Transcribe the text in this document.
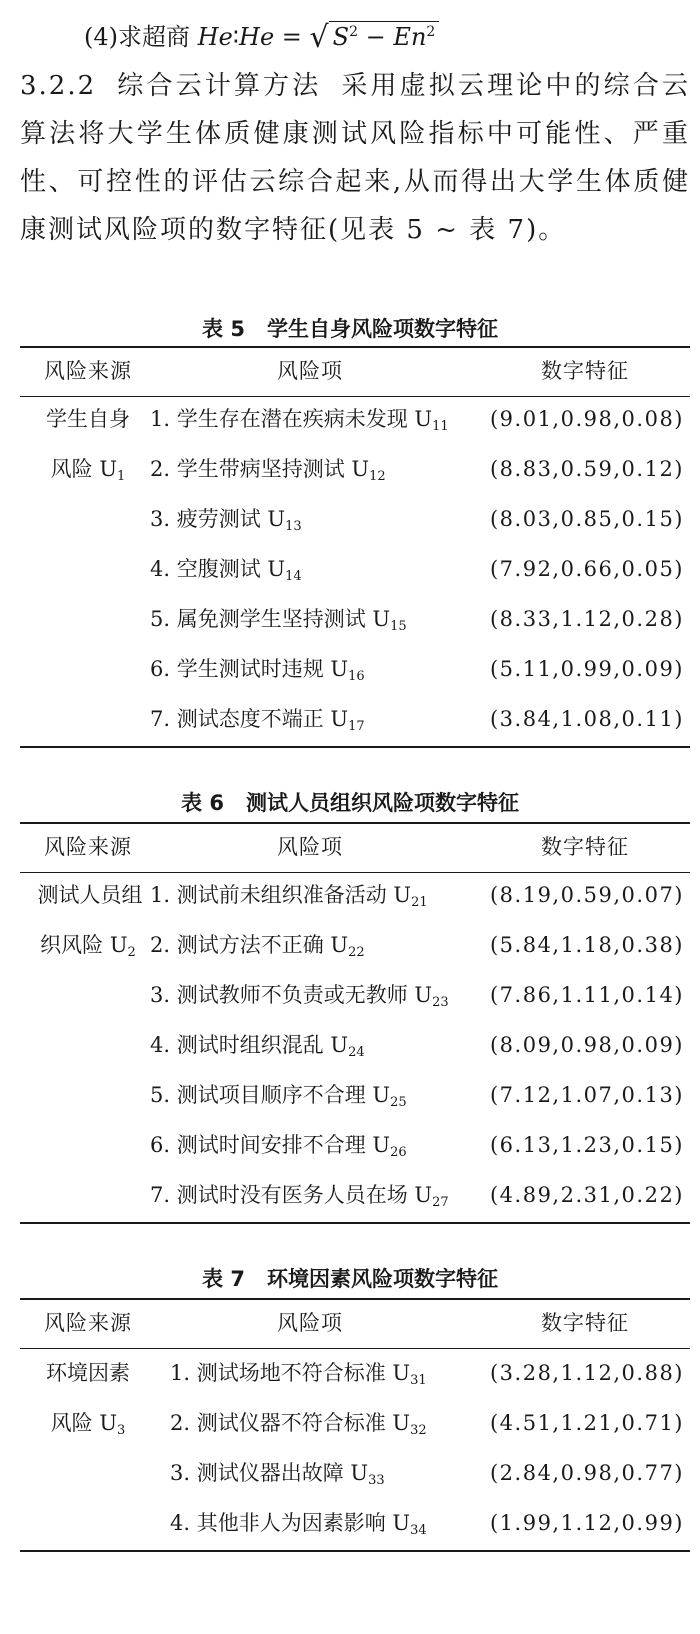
(4)求超商 He∶He = √ $S^2 - En^2$
3.2.2 综合云计算方法 采用虚拟云理论中的综合云算法将大学生体质健康测试风险指标中可能性、严重性、可控性的评估云综合起来,从而得出大学生体质健康测试风险项的数字特征(见表 5 ~ 表 7)。
表 5 学生自身风险项数字特征
风险来源	风险项	数字特征
学生自身
风险 $U_1$
1. 学生存在潜在疾病未发现 $U_{11}$ (9.01,0.98,0.08)
2. 学生带病坚持测试 $U_{12}$	(8.83,0.59,0.12)
3. 疲劳测试 $U_{13}$	(8.03,0.85,0.15)
4. 空腹测试 $U_{14}$	(7.92,0.66,0.05)
5. 属免测学生坚持测试 $U_{15}$	(8.33,1.12,0.28)
6. 学生测试时违规 $U_{16}$	(5.11,0.99,0.09)
7. 测试态度不端正 $U_{17}$	(3.84,1.08,0.11)
表 6 测试人员组织风险项数字特征
风险来源	风险项	数字特征
测试人员组
织风险 $U_2$
1. 测试前未组织准备活动 $U_{21}$	(8.19,0.59,0.07)
2. 测试方法不正确 $U_{22}$	(5.84,1.18,0.38)
3. 测试教师不负责或无教师 $U_{23}$ (7.86,1.11,0.14)
4. 测试时组织混乱 $U_{24}$	(8.09,0.98,0.09)
5. 测试项目顺序不合理 $U_{25}$	(7.12,1.07,0.13)
6. 测试时间安排不合理 $U_{26}$	(6.13,1.23,0.15)
7. 测试时没有医务人员在场 $U_{27}$ (4.89,2.31,0.22)
表 7 环境因素风险项数字特征
风险来源	风险项	数字特征
环境因素
风险 $U_3$
1. 测试场地不符合标准 $U_{31}$	(3.28,1.12,0.88)
2. 测试仪器不符合标准 $U_{32}$	(4.51,1.21,0.71)
3. 测试仪器出故障 $U_{33}$	(2.84,0.98,0.77)
4. 其他非人为因素影响 $U_{34}$	(1.99,1.12,0.99)
